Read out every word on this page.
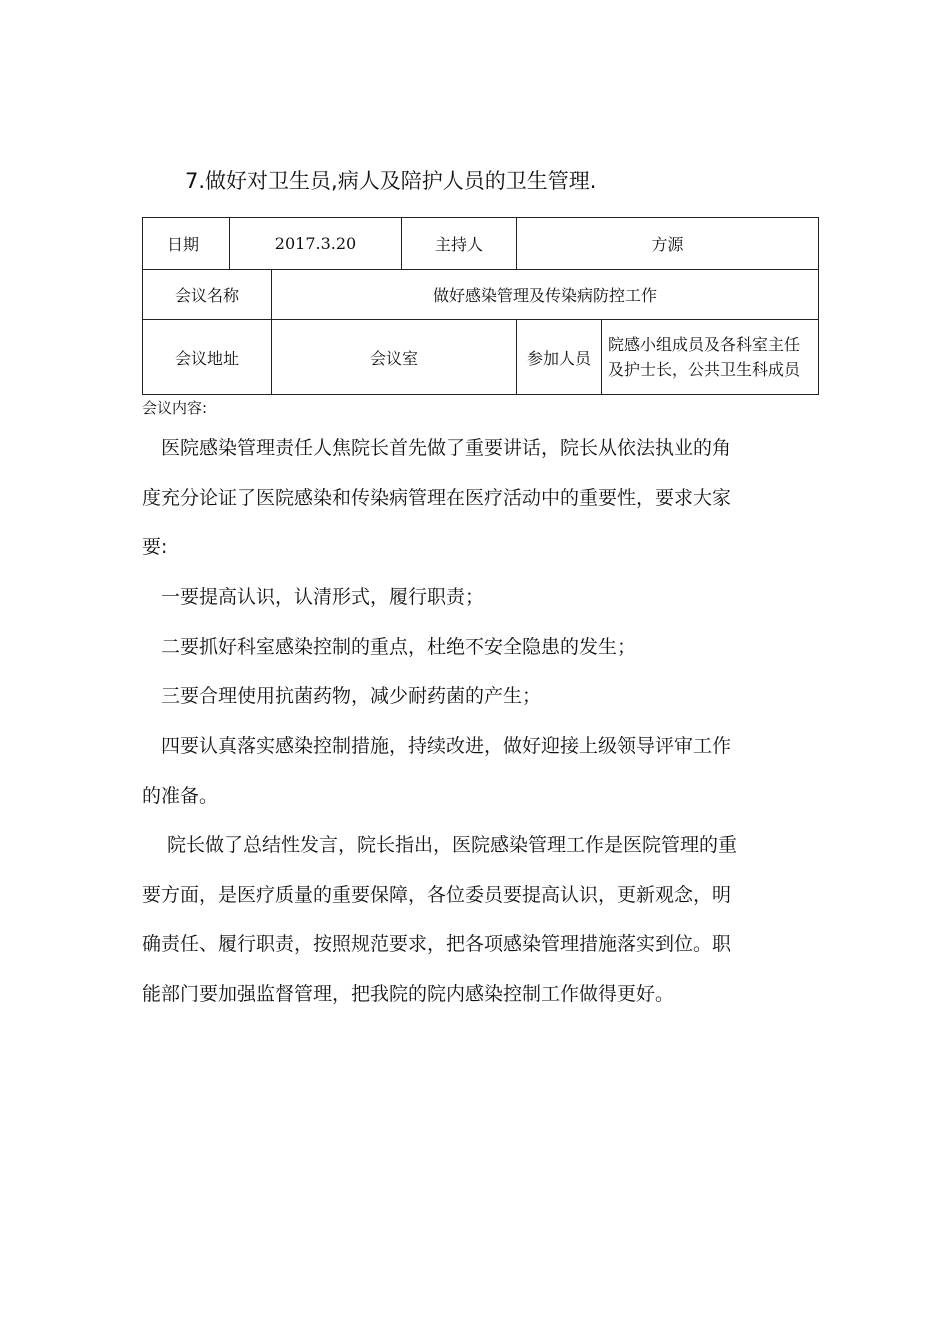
7.做好对卫生员,病人及陪护人员的卫生管理.
日期	2017.3.20		主持人	方源	
会议名称		做好感染管理及传染病防控工作			
会议地址		会议室		参加人员	院感小组成员及各科室主任
及护士长，公共卫生科成员
会议内容:

　医院感染管理责任人焦院长首先做了重要讲话，院长从依法执业的角
度充分论证了医院感染和传染病管理在医疗活动中的重要性，要求大家
要:

　一要提高认识，认清形式，履行职责；

　二要抓好科室感染控制的重点，杜绝不安全隐患的发生；

　三要合理使用抗菌药物，减少耐药菌的产生；

　四要认真落实感染控制措施，持续改进，做好迎接上级领导评审工作
的准备。

　 院长做了总结性发言，院长指出，医院感染管理工作是医院管理的重
要方面，是医疗质量的重要保障，各位委员要提高认识，更新观念，明
确责任、履行职责，按照规范要求，把各项感染管理措施落实到位。职
能部门要加强监督管理，把我院的院内感染控制工作做得更好。
